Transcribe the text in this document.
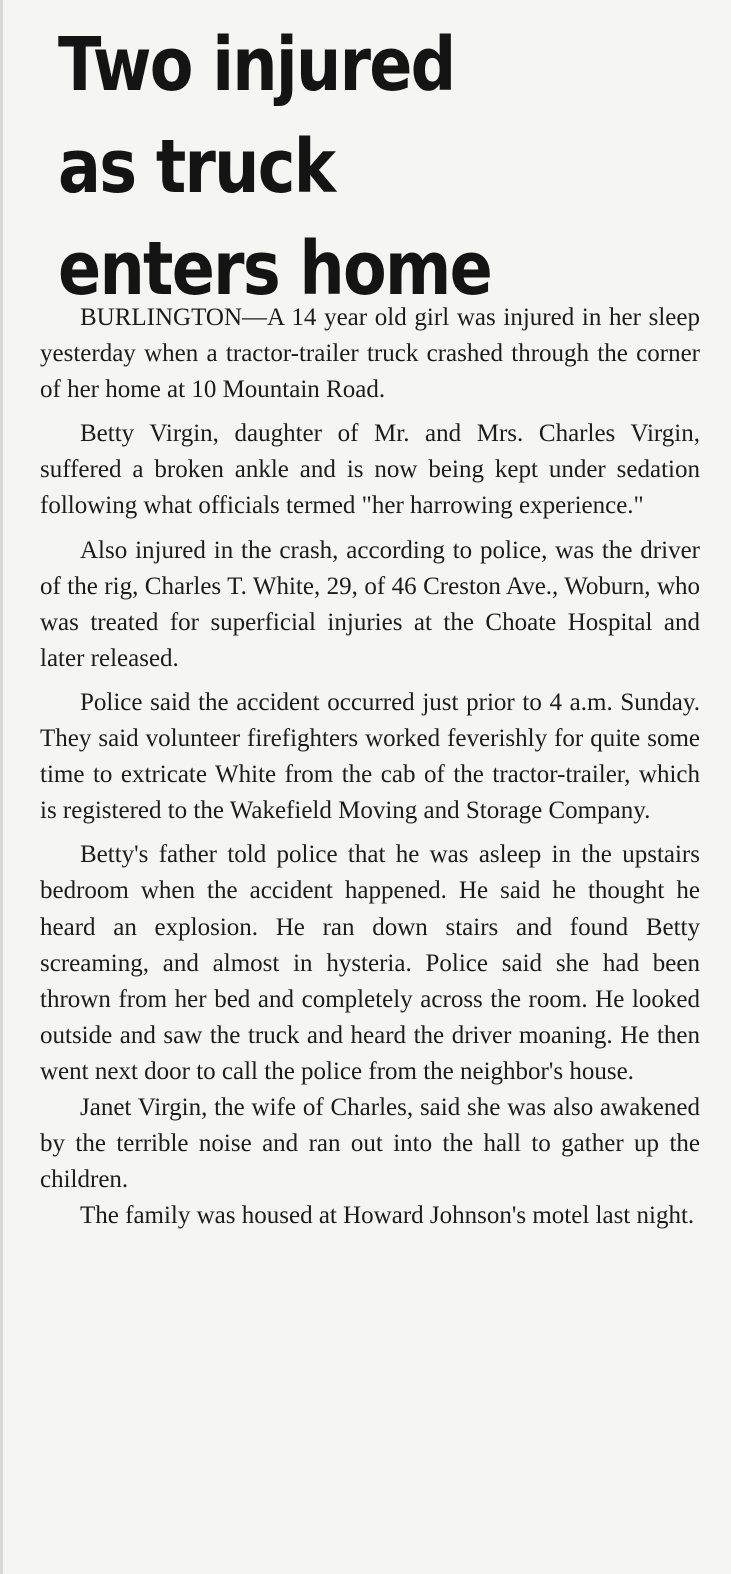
Two injured
as truck
enters home

BURLINGTON—A 14 year old girl was injured in her sleep yesterday when a tractor-trailer truck crashed through the corner of her home at 10 Mountain Road.

Betty Virgin, daughter of Mr. and Mrs. Charles Virgin, suffered a broken ankle and is now being kept under sedation following what officials termed "her harrowing experience."

Also injured in the crash, according to police, was the driver of the rig, Charles T. White, 29, of 46 Creston Ave., Woburn, who was treated for superficial injuries at the Choate Hospital and later released.

Police said the accident occurred just prior to 4 a.m. Sunday. They said volunteer firefighters worked feverishly for quite some time to extricate White from the cab of the tractor-trailer, which is registered to the Wakefield Moving and Storage Company.

Betty's father told police that he was asleep in the upstairs bedroom when the accident happened. He said he thought he heard an explosion. He ran down stairs and found Betty screaming, and almost in hysteria. Police said she had been thrown from her bed and completely across the room. He looked outside and saw the truck and heard the driver moaning. He then went next door to call the police from the neighbor's house.

Janet Virgin, the wife of Charles, said she was also awakened by the terrible noise and ran out into the hall to gather up the children.

The family was housed at Howard Johnson's motel last night.
